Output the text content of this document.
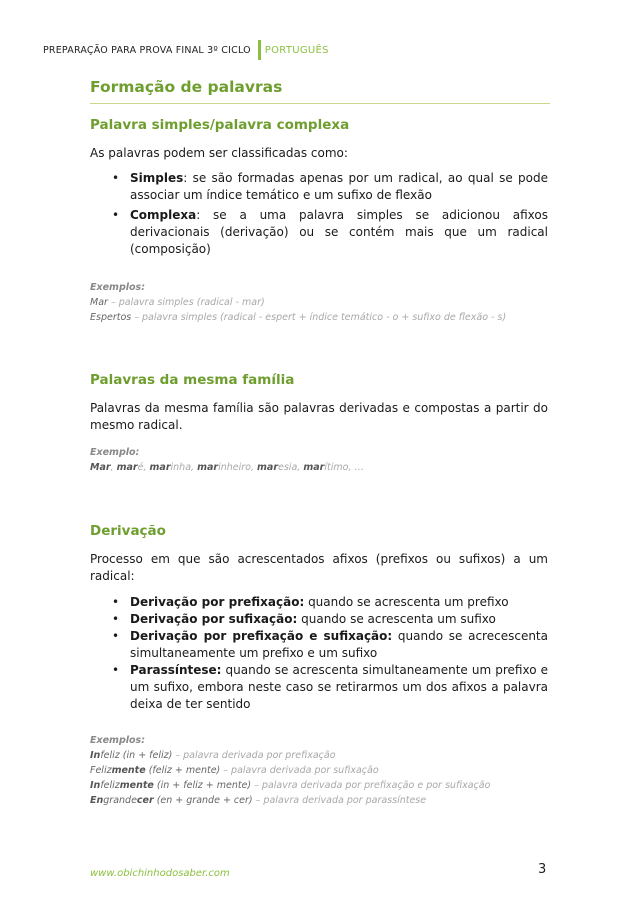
PREPARAÇÃO PARA PROVA FINAL 3º CICLO PORTUGUÊS
Formação de palavras
Palavra simples/palavra complexa

As palavras podem ser classificadas como:

• Simples: se são formadas apenas por um radical, ao qual se pode associar um índice temático e um sufixo de flexão
• Complexa: se a uma palavra simples se adicionou afixos derivacionais (derivação) ou se contém mais que um radical (composição)
Exemplos:
Mar – palavra simples (radical - mar)
Espertos – palavra simples (radical - espert + índice temático - o + sufixo de flexão - s)
Palavras da mesma família

Palavras da mesma família são palavras derivadas e compostas a partir do mesmo radical.

Exemplo:
Mar, maré, marinha, marinheiro, maresia, marítimo, …
Derivação

Processo em que são acrescentados afixos (prefixos ou sufixos) a um radical:

• Derivação por prefixação: quando se acrescenta um prefixo
• Derivação por sufixação: quando se acrescenta um sufixo
• Derivação por prefixação e sufixação: quando se acrecescenta simultaneamente um prefixo e um sufixo
• Parassíntese: quando se acrescenta simultaneamente um prefixo e um sufixo, embora neste caso se retirarmos um dos afixos a palavra deixa de ter sentido
Exemplos:
Infeliz (in + feliz) – palavra derivada por prefixação
Felizmente (feliz + mente) – palavra derivada por sufixação
Infelizmente (in + feliz + mente) – palavra derivada por prefixação e por sufixação
Engrandecer (en + grande + cer) – palavra derivada por parassíntese
www.obichinhodosaber.com	3
